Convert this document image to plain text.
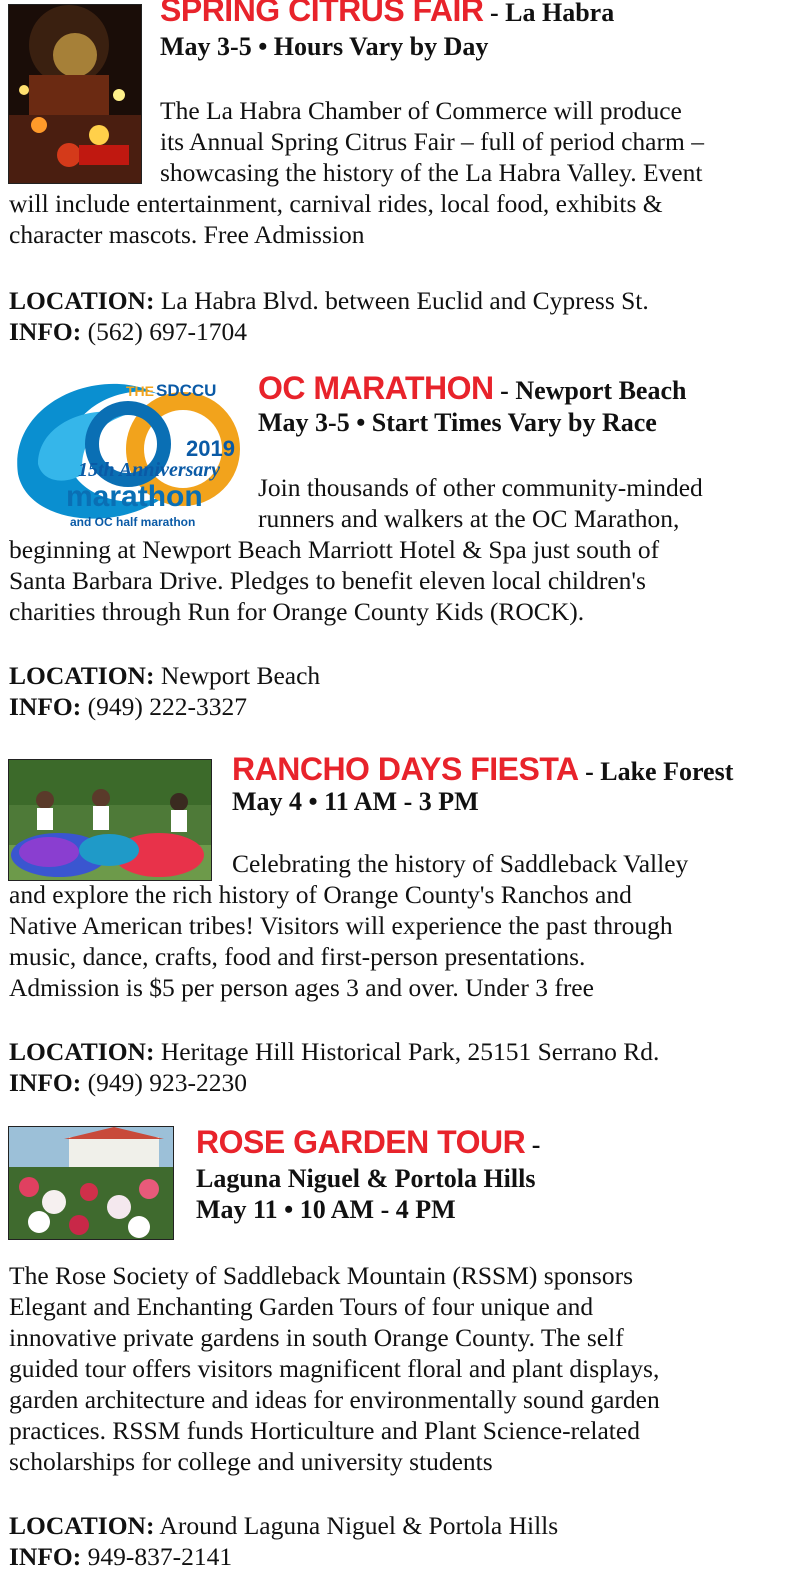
SPRING CITRUS FAIR - La Habra
May 3-5 • Hours Vary by Day
The La Habra Chamber of Commerce will produce
its Annual Spring Citrus Fair – full of period charm –
showcasing the history of the La Habra Valley. Event
will include entertainment, carnival rides, local food, exhibits &
character mascots. Free Admission
LOCATION: La Habra Blvd. between Euclid and Cypress St.
INFO: (562) 697-1704
THE SDCCU
2019
15th Anniversary
marathon
and OC half marathon
OC MARATHON - Newport Beach
May 3-5 • Start Times Vary by Race
Join thousands of other community-minded
runners and walkers at the OC Marathon,
beginning at Newport Beach Marriott Hotel & Spa just south of
Santa Barbara Drive. Pledges to benefit eleven local children's
charities through Run for Orange County Kids (ROCK).
LOCATION: Newport Beach
INFO: (949) 222-3327
RANCHO DAYS FIESTA - Lake Forest
May 4 • 11 AM - 3 PM
Celebrating the history of Saddleback Valley
and explore the rich history of Orange County's Ranchos and
Native American tribes! Visitors will experience the past through
music, dance, crafts, food and first-person presentations.
Admission is $5 per person ages 3 and over. Under 3 free
LOCATION: Heritage Hill Historical Park, 25151 Serrano Rd.
INFO: (949) 923-2230
ROSE GARDEN TOUR -
Laguna Niguel & Portola Hills
May 11 • 10 AM - 4 PM
The Rose Society of Saddleback Mountain (RSSM) sponsors
Elegant and Enchanting Garden Tours of four unique and
innovative private gardens in south Orange County. The self
guided tour offers visitors magnificent floral and plant displays,
garden architecture and ideas for environmentally sound garden
practices. RSSM funds Horticulture and Plant Science-related
scholarships for college and university students
LOCATION: Around Laguna Niguel & Portola Hills
INFO: 949-837-2141
